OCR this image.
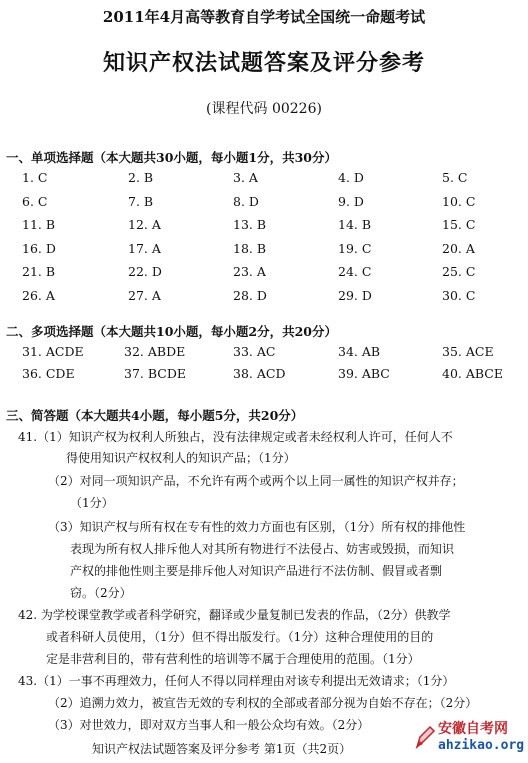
2011年4月高等教育自学考试全国统一命题考试
知识产权法试题答案及评分参考
(课程代码 00226)
一、单项选择题（本大题共30小题，每小题1分，共30分）
1. C	2. B	3. A	4. D	5. C
6. C	7. B	8. D	9. D	10. C
11. B	12. A	13. B	14. B	15. C
16. D	17. A	18. B	19. C	20. A
21. B	22. D	23. A	24. C	25. C
26. A	27. A	28. D	29. D	30. C
二、多项选择题（本大题共10小题，每小题2分，共20分）
31. ACDE	32. ABDE	33. AC	34. AB	35. ACE
36. CDE	37. BCDE	38. ACD	39. ABC	40. ABCE
三、简答题（本大题共4小题，每小题5分，共20分）
41.（1）知识产权为权利人所独占，没有法律规定或者未经权利人许可，任何人不
得使用知识产权权利人的知识产品；（1分）
（2）对同一项知识产品，不允许有两个或两个以上同一属性的知识产权并存；
（1分）
（3）知识产权与所有权在专有性的效力方面也有区别，（1分）所有权的排他性
表现为所有权人排斥他人对其所有物进行不法侵占、妨害或毁损，而知识
产权的排他性则主要是排斥他人对知识产品进行不法仿制、假冒或者剽
窃。（2分）
42. 为学校课堂教学或者科学研究，翻译或少量复制已发表的作品，（2分）供教学
或者科研人员使用，（1分）但不得出版发行。（1分）这种合理使用的目的
定是非营利目的，带有营利性的培训等不属于合理使用的范围。（1分）
43.（1）一事不再理效力，任何人不得以同样理由对该专利提出无效请求；（1分）
（2）追溯力效力，被宣告无效的专利权的全部或者部分视为自始不存在；（2分）
（3）对世效力，即对双方当事人和一般公众均有效。（2分）
知识产权法试题答案及评分参考 第1页（共2页）
安徽自考网
ahzikao.org
